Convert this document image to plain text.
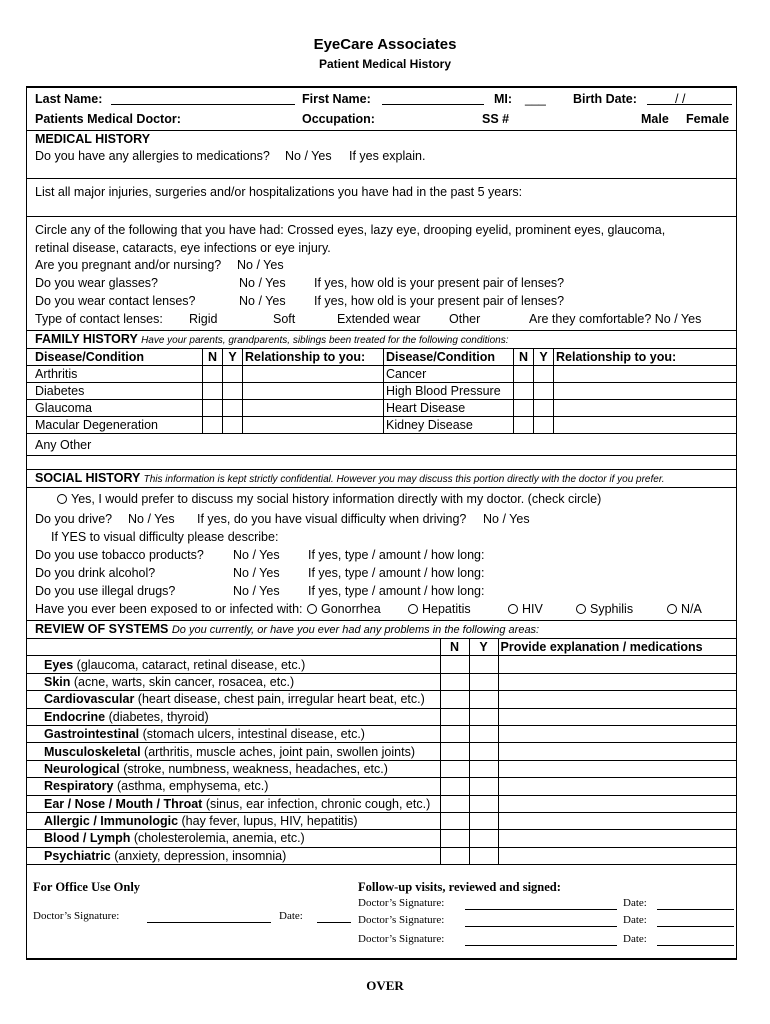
EyeCare Associates
Patient Medical History
Last Name:	First Name:	MI: ___ Birth Date:	/ /
Patients Medical Doctor:	Occupation:	SS #	Male Female
MEDICAL HISTORY
Do you have any allergies to medications? No / Yes If yes explain.
List all major injuries, surgeries and/or hospitalizations you have had in the past 5 years:
Circle any of the following that you have had: Crossed eyes, lazy eye, drooping eyelid, prominent eyes, glaucoma,
retinal disease, cataracts, eye infections or eye injury.
Are you pregnant and/or nursing? No / Yes
Do you wear glasses?	No / Yes If yes, how old is your present pair of lenses?
Do you wear contact lenses?	No / Yes If yes, how old is your present pair of lenses?
Type of contact lenses: Rigid	Soft	Extended wear Other	Are they comfortable? No / Yes
FAMILY HISTORY Have your parents, grandparents, siblings been treated for the following conditions:
Disease/Condition	N	Y	Relationship to you:	Disease/Condition	N	Y	Relationship to you:
Arthritis				Cancer			
Diabetes				High Blood Pressure			
Glaucoma				Heart Disease			
Macular Degeneration				Kidney Disease			
Any Other							
SOCIAL HISTORY This information is kept strictly confidential. However you may discuss this portion directly with the doctor if you prefer.
Yes, I would prefer to discuss my social history information directly with my doctor. (check circle)
Do you drive? No / Yes If yes, do you have visual difficulty when driving? No / Yes
If YES to visual difficulty please describe:
Do you use tobacco products? No / Yes If yes, type / amount / how long:
Do you drink alcohol?	No / Yes If yes, type / amount / how long:
Do you use illegal drugs?	No / Yes If yes, type / amount / how long:
Have you ever been exposed to or infected with:	Gonorrhea	Hepatitis	HIV	Syphilis	N/A
REVIEW OF SYSTEMS Do you currently, or have you ever had any problems in the following areas:
	N	Y	Provide explanation / medications
Eyes (glaucoma, cataract, retinal disease, etc.)			
Skin (acne, warts, skin cancer, rosacea, etc.)			
Cardiovascular (heart disease, chest pain, irregular heart beat, etc.)			
Endocrine (diabetes, thyroid)			
Gastrointestinal (stomach ulcers, intestinal disease, etc.)			
Musculoskeletal (arthritis, muscle aches, joint pain, swollen joints)			
Neurological (stroke, numbness, weakness, headaches, etc.)			
Respiratory (asthma, emphysema, etc.)			
Ear / Nose / Mouth / Throat (sinus, ear infection, chronic cough, etc.)			
Allergic / Immunologic (hay fever, lupus, HIV, hepatitis)			
Blood / Lymph (cholesterolemia, anemia, etc.)			
Psychiatric (anxiety, depression, insomnia)			
For Office Use Only
Doctor’s Signature:	Date:
Follow-up visits, reviewed and signed:
Doctor’s Signature:	Date:
Doctor’s Signature:	Date:
Doctor’s Signature:	Date:
OVER
